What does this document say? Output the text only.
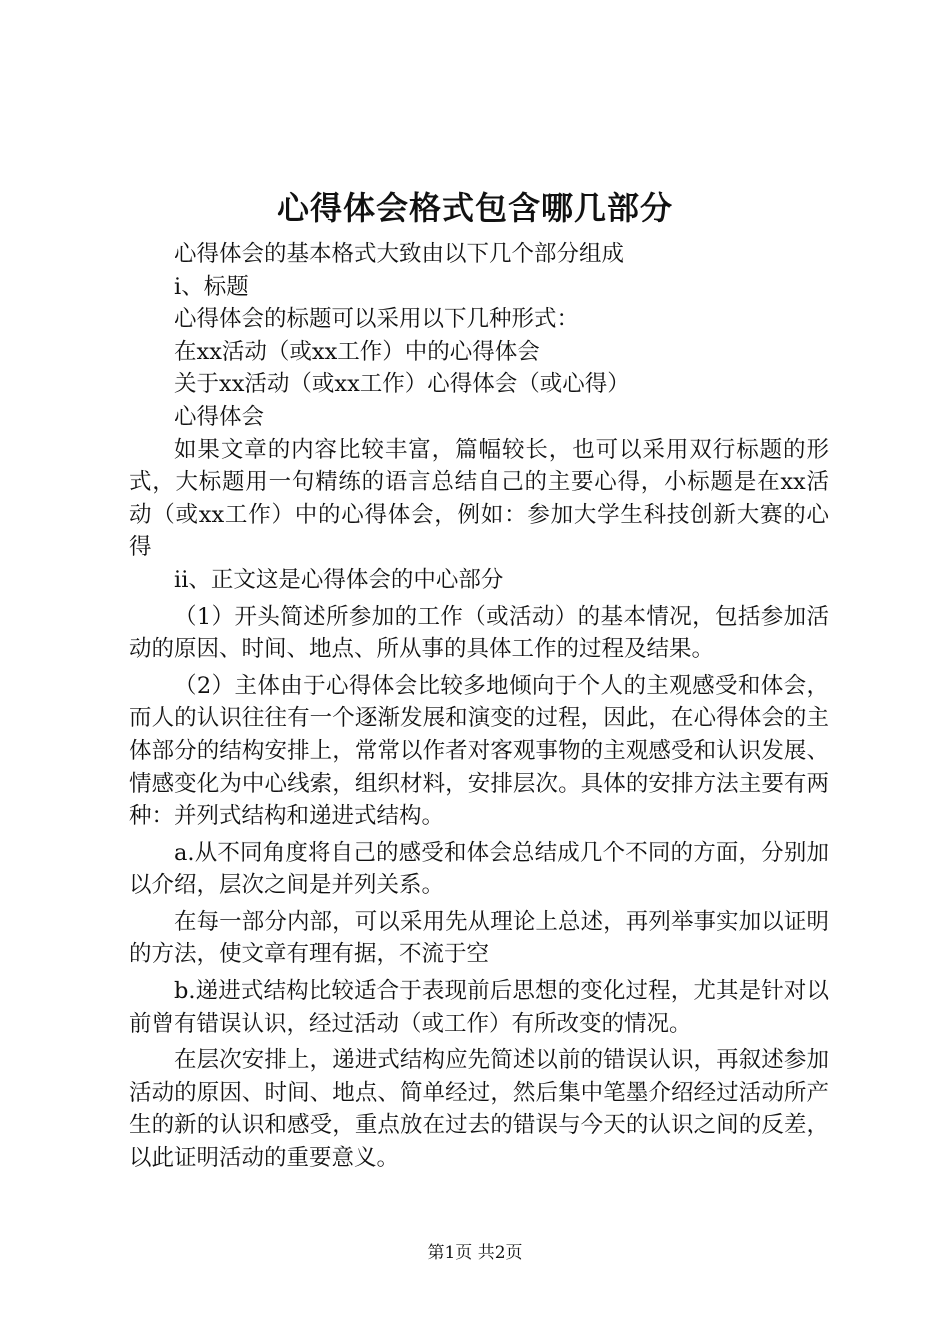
心得体会格式包含哪几部分

心得体会的基本格式大致由以下几个部分组成

i、标题

心得体会的标题可以采用以下几种形式：

在xx活动（或xx工作）中的心得体会

关于xx活动（或xx工作）心得体会（或心得）

心得体会

如果文章的内容比较丰富，篇幅较长，也可以采用双行标题的形式，大标题用一句精练的语言总结自己的主要心得，小标题是在xx活动（或xx工作）中的心得体会，例如：参加大学生科技创新大赛的心得

ii、正文这是心得体会的中心部分

（1）开头简述所参加的工作（或活动）的基本情况，包括参加活动的原因、时间、地点、所从事的具体工作的过程及结果。

（2）主体由于心得体会比较多地倾向于个人的主观感受和体会，而人的认识往往有一个逐渐发展和演变的过程，因此，在心得体会的主体部分的结构安排上，常常以作者对客观事物的主观感受和认识发展、情感变化为中心线索，组织材料，安排层次。具体的安排方法主要有两种：并列式结构和递进式结构。

a.从不同角度将自己的感受和体会总结成几个不同的方面，分别加以介绍，层次之间是并列关系。

在每一部分内部，可以采用先从理论上总述，再列举事实加以证明的方法，使文章有理有据，不流于空

b.递进式结构比较适合于表现前后思想的变化过程，尤其是针对以前曾有错误认识，经过活动（或工作）有所改变的情况。

在层次安排上，递进式结构应先简述以前的错误认识，再叙述参加活动的原因、时间、地点、简单经过，然后集中笔墨介绍经过活动所产生的新的认识和感受，重点放在过去的错误与今天的认识之间的反差，以此证明活动的重要意义。

第1页 共2页
